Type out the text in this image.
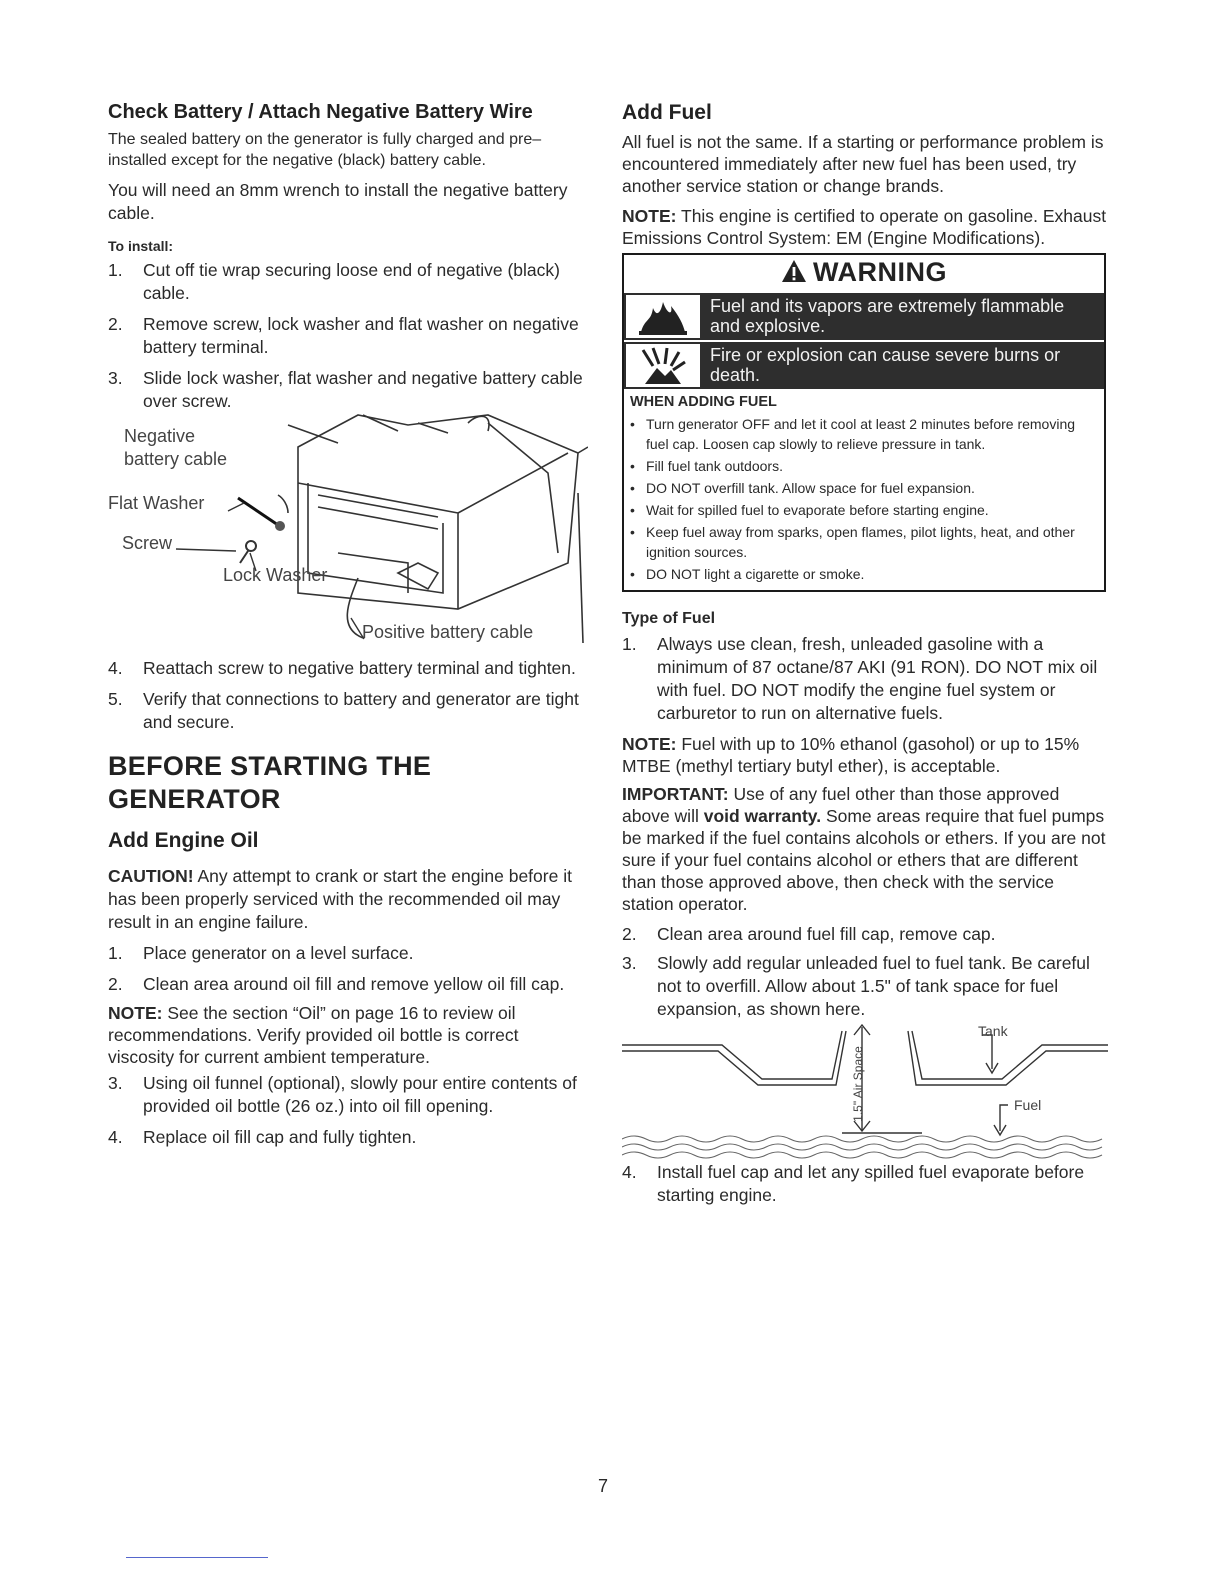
Check Battery / Attach Negative Battery Wire

The sealed battery on the generator is fully charged and pre–installed except for the negative (black) battery cable.

You will need an 8mm wrench to install the negative battery cable.

To install:

1. Cut off tie wrap securing loose end of negative (black) cable.
2. Remove screw, lock washer and flat washer on negative battery terminal.
3. Slide lock washer, flat washer and negative battery cable over screw.
Negative
battery cable
Flat Washer
Screw
Lock Washer
Positive battery cable
4. Reattach screw to negative battery terminal and tighten.
5. Verify that connections to battery and generator are tight and secure.
BEFORE STARTING THE
GENERATOR
Add Engine Oil

CAUTION! Any attempt to crank or start the engine before it has been properly serviced with the recommended oil may result in an engine failure.

1. Place generator on a level surface.
2. Clean area around oil fill and remove yellow oil fill cap.

NOTE: See the section “Oil” on page 16 to review oil recommendations. Verify provided oil bottle is correct viscosity for current ambient temperature.

3. Using oil funnel (optional), slowly pour entire contents of provided oil bottle (26 oz.) into oil fill opening.
4. Replace oil fill cap and fully tighten.
Add Fuel

All fuel is not the same. If a starting or performance problem is encountered immediately after new fuel has been used, try another service station or change brands.

NOTE: This engine is certified to operate on gasoline. Exhaust Emissions Control System: EM (Engine Modifications).

WARNING
Fuel and its vapors are extremely flammable and explosive.
Fire or explosion can cause severe burns or death.
WHEN ADDING FUEL
• Turn generator OFF and let it cool at least 2 minutes before removing fuel cap. Loosen cap slowly to relieve pressure in tank.
• Fill fuel tank outdoors.
• DO NOT overfill tank. Allow space for fuel expansion.
• Wait for spilled fuel to evaporate before starting engine.
• Keep fuel away from sparks, open flames, pilot lights, heat, and other ignition sources.
• DO NOT light a cigarette or smoke.

Type of Fuel

1. Always use clean, fresh, unleaded gasoline with a minimum of 87 octane/87 AKI (91 RON). DO NOT mix oil with fuel. DO NOT modify the engine fuel system or carburetor to run on alternative fuels.

NOTE: Fuel with up to 10% ethanol (gasohol) or up to 15% MTBE (methyl tertiary butyl ether), is acceptable.

IMPORTANT: Use of any fuel other than those approved above will void warranty. Some areas require that fuel pumps be marked if the fuel contains alcohols or ethers. If you are not sure if your fuel contains alcohol or ethers that are different than those approved above, then check with the service station operator.

2. Clean area around fuel fill cap, remove cap.
3. Slowly add regular unleaded fuel to fuel tank. Be careful not to overfill. Allow about 1.5" of tank space for fuel expansion, as shown here.
Tank
Fuel
1.5" Air Space
4. Install fuel cap and let any spilled fuel evaporate before starting engine.
7
